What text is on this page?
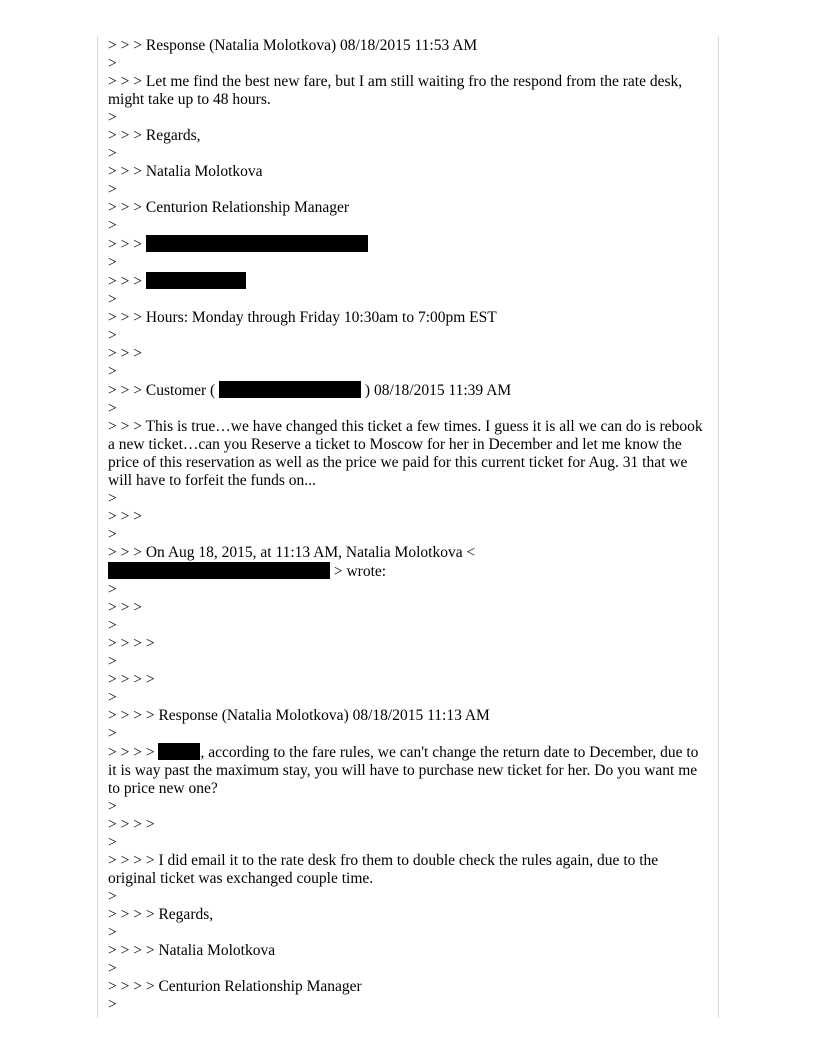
> > > Response (Natalia Molotkova) 08/18/2015 11:53 AM
>
> > > Let me find the best new fare, but I am still waiting fro the respond from the rate desk, might take up to 48 hours.
>
> > > Regards,
>
> > > Natalia Molotkova
>
> > > Centurion Relationship Manager
>
> > >
>
> > >
>
> > > Hours: Monday through Friday 10:30am to 7:00pm EST
>
> > >
>
> > > Customer (	) 08/18/2015 11:39 AM
>
> > > This is true…we have changed this ticket a few times. I guess it is all we can do is rebook a new ticket…can you Reserve a ticket to Moscow for her in December and let me know the price of this reservation as well as the price we paid for this current ticket for Aug. 31 that we will have to forfeit the funds on...
>
> > >
>
> > > On Aug 18, 2015, at 11:13 AM, Natalia Molotkova <
> wrote:
>
> > >
>
> > > >
>
> > > >
>
> > > > Response (Natalia Molotkova) 08/18/2015 11:13 AM
>
> > > >	, according to the fare rules, we can't change the return date to December, due to it is way past the maximum stay, you will have to purchase new ticket for her. Do you want me to price new one?
>
> > > >
>
> > > > I did email it to the rate desk fro them to double check the rules again, due to the original ticket was exchanged couple time.
>
> > > > Regards,
>
> > > > Natalia Molotkova
>
> > > > Centurion Relationship Manager
>
